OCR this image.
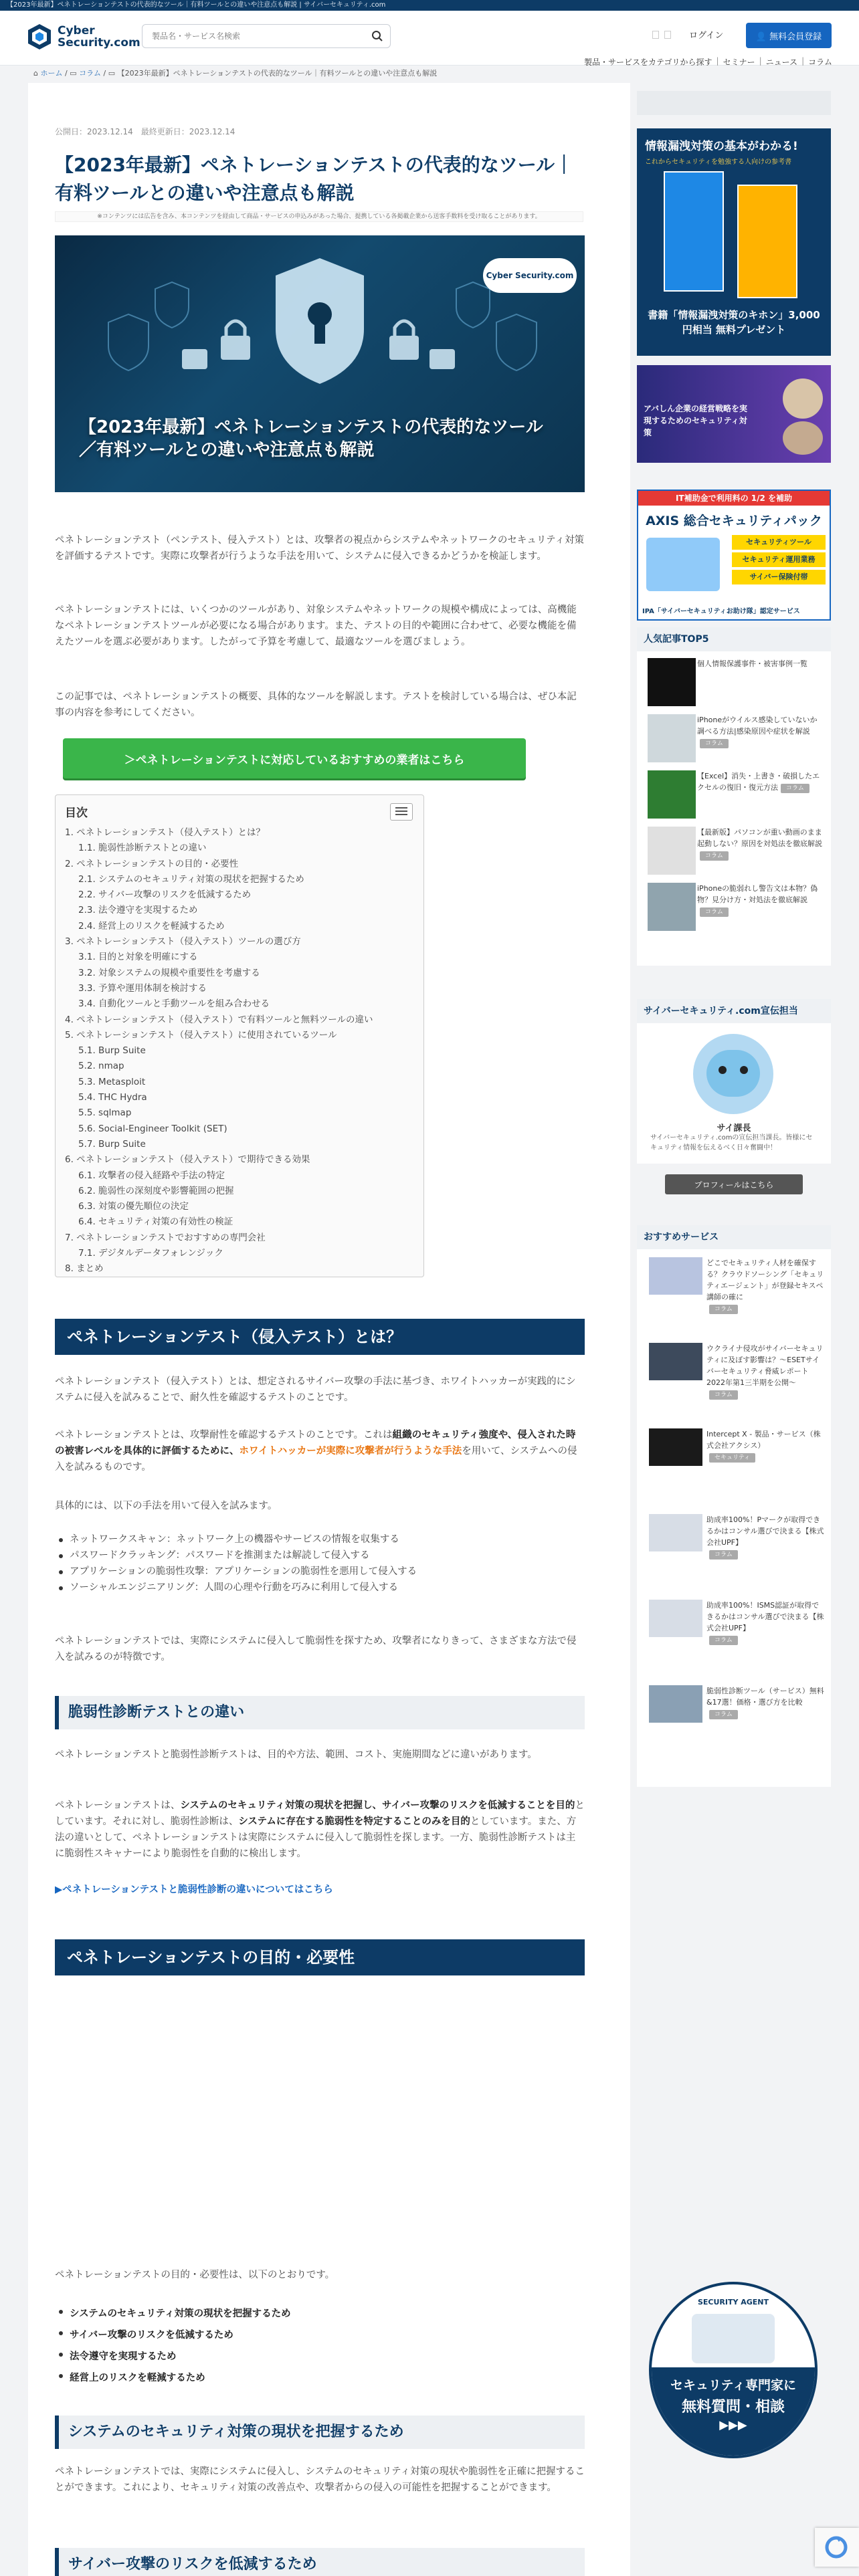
【2023年最新】ペネトレーションテストの代表的なツール｜有料ツールとの違いや注意点も解説 | サイバーセキュリティ.com
Cyber
Security.com
製品名・サービス名検索
ログイン	👤 無料会員登録
製品・サービスをカテゴリから探す | セミナー | ニュース | コラム
⌂ ホーム / ▭ コラム / ▭ 【2023年最新】ペネトレーションテストの代表的なツール｜有料ツールとの違いや注意点も解説
公開日：2023.12.14　 最終更新日：2023.12.14
【2023年最新】ペネトレーションテストの代表的なツール｜有料ツールとの違いや注意点も解説
※コンテンツには広告を含み、本コンテンツを経由して商品・サービスの申込みがあった場合、提携している各掲載企業から送客手数料を受け取ることがあります。
Cyber Security.com
【2023年最新】ペネトレーションテストの代表的なツール／有料ツールとの違いや注意点も解説

ペネトレーションテスト（ペンテスト、侵入テスト）とは、攻撃者の視点からシステムやネットワークのセキュリティ対策を評価するテストです。実際に攻撃者が行うような手法を用いて、システムに侵入できるかどうかを検証します。

ペネトレーションテストには、いくつかのツールがあり、対象システムやネットワークの規模や構成によっては、高機能なペネトレーションテストツールが必要になる場合があります。また、テストの目的や範囲に合わせて、必要な機能を備えたツールを選ぶ必要があります。したがって予算を考慮して、最適なツールを選びましょう。

この記事では、ペネトレーションテストの概要、具体的なツールを解説します。テストを検討している場合は、ぜひ本記事の内容を参考にしてください。

＞ペネトレーションテストに対応しているおすすめの業者はこちら
目次
1. ペネトレーションテスト（侵入テスト）とは？
1.1. 脆弱性診断テストとの違い
2. ペネトレーションテストの目的・必要性
2.1. システムのセキュリティ対策の現状を把握するため
2.2. サイバー攻撃のリスクを低減するため
2.3. 法令遵守を実現するため
2.4. 経営上のリスクを軽減するため
3. ペネトレーションテスト（侵入テスト）ツールの選び方
3.1. 目的と対象を明確にする
3.2. 対象システムの規模や重要性を考慮する
3.3. 予算や運用体制を検討する
3.4. 自動化ツールと手動ツールを組み合わせる
4. ペネトレーションテスト（侵入テスト）で有料ツールと無料ツールの違い
5. ペネトレーションテスト（侵入テスト）に使用されているツール
5.1. Burp Suite
5.2. nmap
5.3. Metasploit
5.4. THC Hydra
5.5. sqlmap
5.6. Social-Engineer Toolkit (SET)
5.7. Burp Suite
6. ペネトレーションテスト（侵入テスト）で期待できる効果
6.1. 攻撃者の侵入経路や手法の特定
6.2. 脆弱性の深刻度や影響範囲の把握
6.3. 対策の優先順位の決定
6.4. セキュリティ対策の有効性の検証
7. ペネトレーションテストでおすすめの専門会社
7.1. デジタルデータフォレンジック
8. まとめ
ペネトレーションテスト（侵入テスト）とは？

ペネトレーションテスト（侵入テスト）とは、想定されるサイバー攻撃の手法に基づき、ホワイトハッカーが実践的にシステムに侵入を試みることで、耐久性を確認するテストのことです。

ペネトレーションテストとは、攻撃耐性を確認するテストのことです。これは組織のセキュリティ強度や、侵入された時の被害レベルを具体的に評価するために、ホワイトハッカーが実際に攻撃者が行うような手法を用いて、システムへの侵入を試みるものです。

具体的には、以下の手法を用いて侵入を試みます。

ネットワークスキャン：ネットワーク上の機器やサービスの情報を収集する
パスワードクラッキング：パスワードを推測または解読して侵入する
アプリケーションの脆弱性攻撃：アプリケーションの脆弱性を悪用して侵入する
ソーシャルエンジニアリング：人間の心理や行動を巧みに利用して侵入する

ペネトレーションテストでは、実際にシステムに侵入して脆弱性を探すため、攻撃者になりきって、さまざまな方法で侵入を試みるのが特徴です。

脆弱性診断テストとの違い

ペネトレーションテストと脆弱性診断テストは、目的や方法、範囲、コスト、実施期間などに違いがあります。

ペネトレーションテストは、システムのセキュリティ対策の現状を把握し、サイバー攻撃のリスクを低減することを目的としています。それに対し、脆弱性診断は、システムに存在する脆弱性を特定することのみを目的としています。また、方法の違いとして、ペネトレーションテストは実際にシステムに侵入して脆弱性を探します。一方、脆弱性診断テストは主に脆弱性スキャナーにより脆弱性を自動的に検出します。

▶ペネトレーションテストと脆弱性診断の違いについてはこちら
ペネトレーションテストの目的・必要性

ペネトレーションテストの目的・必要性は、以下のとおりです。

システムのセキュリティ対策の現状を把握するため
サイバー攻撃のリスクを低減するため
法令遵守を実現するため
経営上のリスクを軽減するため
システムのセキュリティ対策の現状を把握するため

ペネトレーションテストでは、実際にシステムに侵入し、システムのセキュリティ対策の現状や脆弱性を正確に把握することができます。これにより、セキュリティ対策の改善点や、攻撃者からの侵入の可能性を把握することができます。

サイバー攻撃のリスクを低減するため
情報漏洩対策の基本がわかる!
これからセキュリティを勉強する人向けの参考書
書籍「情報漏洩対策のキホン」3,000円相当 無料プレゼント
アバしん企業の経営戦略を実現するためのセキュリティ対策
IT補助金で利用料の 1/2 を補助
AXIS 総合セキュリティパック
セキュリティツール
セキュリティ運用業務
サイバー保険付帯
IPA「サイバーセキュリティお助け隊」認定サービス
人気記事TOP5
個人情報保護事件・被害事例一覧
iPhoneがウイルス感染していないか調べる方法|感染原因や症状を解説コラム
【Excel】消失・上書き・破損したエクセルの復旧・復元方法 コラム
【最新版】パソコンが重い動画のまま起動しない？原因を対処法を徹底解説コラム
iPhoneの脆弱れし警告文は本物？偽物？見分け方・対処法を徹底解説コラム
サイバーセキュリティ.com宣伝担当
サイ課長
サイバーセキュリティ.comの宣伝担当課長。皆様にセキュリティ情報を伝えるべく日々奮闘中！
プロフィールはこちら
おすすめサービス
どこでセキュリティ人材を確保する？クラウドソーシング「セキュリティエージェント」が登録セキスペ講師の確に
コラム
ウクライナ侵攻がサイバーセキュリティに及ぼす影響は？～ESETサイバーセキュリティ脅威レポート2022年第1三半期を公開～
コラム
Intercept X - 製品・サービス（株式会社アクシス）
セキュリティ
助成率100%！Pマークが取得できるかはコンサル選びで決まる【株式会社UPF】
コラム
助成率100%！ISMS認証が取得できるかはコンサル選びで決まる【株式会社UPF】
コラム
脆弱性診断ツール（サービス）無料&17選！価格・選び方を比較
コラム
SECURITY AGENT
セキュリティ専門家に
無料質問・相談
▶▶▶
